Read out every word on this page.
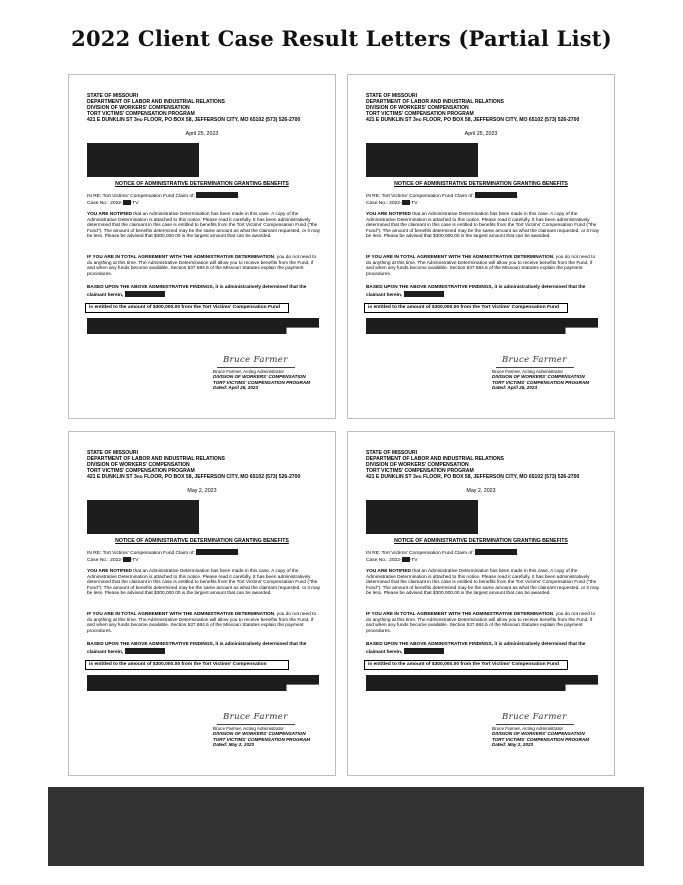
2022 Client Case Result Letters (Partial List)
STATE OF MISSOURI
DEPARTMENT OF LABOR AND INDUSTRIAL RELATIONS
DIVISION OF WORKERS' COMPENSATION
TORT VICTIMS' COMPENSATION PROGRAM
421 E DUNKLIN ST 3RD FLOOR, PO BOX 58, JEFFERSON CITY, MO 65102 (573) 526-2700
April 25, 2023
NOTICE OF ADMINISTRATIVE DETERMINATION GRANTING BENEFITS
IN RE: Tort Victims' Compensation Fund Claim of:	.
Case No.: 2022- -TV
YOU ARE NOTIFIED that an Administrative Determination has been made in this case. A copy of the Administrative Determination is attached to this notice. Please read it carefully. It has been administratively determined that the claimant in this case is entitled to benefits from the Tort Victims' Compensation Fund ("the Fund"). The amount of benefits determined may be the same amount as what the claimant requested, or it may be less. Please be advised that $300,000.00 is the largest amount that can be awarded.
IF YOU ARE IN TOTAL AGREEMENT WITH THE ADMINISTRATIVE DETERMINATION, you do not need to do anything at this time. The Administrative Determination will allow you to receive benefits from the Fund, if and when any funds become available. Section 537.684.6 of the Missouri Statutes explain the payment procedures.
BASED UPON THE ABOVE ADMINISTRATIVE FINDINGS, it is administratively determined that the claimant herein,
is entitled to the amount of $300,000.00 from the Tort Victims' Compensation Fund
Bruce Farmer
Bruce Farmer, Acting Administrator
DIVISION OF WORKERS' COMPENSATION
TORT VICTIMS' COMPENSATION PROGRAM
Dated: April 25, 2023
STATE OF MISSOURI
DEPARTMENT OF LABOR AND INDUSTRIAL RELATIONS
DIVISION OF WORKERS' COMPENSATION
TORT VICTIMS' COMPENSATION PROGRAM
421 E DUNKLIN ST 3RD FLOOR, PO BOX 58, JEFFERSON CITY, MO 65102 (573) 526-2700
April 25, 2023
NOTICE OF ADMINISTRATIVE DETERMINATION GRANTING BENEFITS
IN RE: Tort Victims' Compensation Fund Claim of:	.
Case No.: 2022- -TV
YOU ARE NOTIFIED that an Administrative Determination has been made in this case. A copy of the Administrative Determination is attached to this notice. Please read it carefully. It has been administratively determined that the claimant in this case is entitled to benefits from the Tort Victims' Compensation Fund ("the Fund"). The amount of benefits determined may be the same amount as what the claimant requested, or it may be less. Please be advised that $300,000.00 is the largest amount that can be awarded.
IF YOU ARE IN TOTAL AGREEMENT WITH THE ADMINISTRATIVE DETERMINATION, you do not need to do anything at this time. The Administrative Determination will allow you to receive benefits from the Fund, if and when any funds become available. Section 537.684.6 of the Missouri Statutes explain the payment procedures.
BASED UPON THE ABOVE ADMINISTRATIVE FINDINGS, it is administratively determined that the claimant herein,
is entitled to the amount of $300,000.00 from the Tort Victims' Compensation Fund
Bruce Farmer
Bruce Farmer, Acting Administrator
DIVISION OF WORKERS' COMPENSATION
TORT VICTIMS' COMPENSATION PROGRAM
Dated: April 25, 2023
STATE OF MISSOURI
DEPARTMENT OF LABOR AND INDUSTRIAL RELATIONS
DIVISION OF WORKERS' COMPENSATION
TORT VICTIMS' COMPENSATION PROGRAM
421 E DUNKLIN ST 3RD FLOOR, PO BOX 58, JEFFERSON CITY, MO 65102 (573) 526-2700
May 2, 2023
NOTICE OF ADMINISTRATIVE DETERMINATION GRANTING BENEFITS
IN RE: Tort Victims' Compensation Fund Claim of:	.
Case No.: 2022- -TV
YOU ARE NOTIFIED that an Administrative Determination has been made in this case. A copy of the Administrative Determination is attached to this notice. Please read it carefully. It has been administratively determined that the claimant in this case is entitled to benefits from the Tort Victims' Compensation Fund ("the Fund"). The amount of benefits determined may be the same amount as what the claimant requested, or it may be less. Please be advised that $300,000.00 is the largest amount that can be awarded.
IF YOU ARE IN TOTAL AGREEMENT WITH THE ADMINISTRATIVE DETERMINATION, you do not need to do anything at this time. The Administrative Determination will allow you to receive benefits from the Fund, if and when any funds become available. Section 537.684.6 of the Missouri Statutes explain the payment procedures.
BASED UPON THE ABOVE ADMINISTRATIVE FINDINGS, it is administratively determined that the claimant herein,
is entitled to the amount of $300,000.00 from the Tort Victims' Compensation
Bruce Farmer
Bruce Farmer, Acting Administrator
DIVISION OF WORKERS' COMPENSATION
TORT VICTIMS' COMPENSATION PROGRAM
Dated: May 2, 2023
STATE OF MISSOURI
DEPARTMENT OF LABOR AND INDUSTRIAL RELATIONS
DIVISION OF WORKERS' COMPENSATION
TORT VICTIMS' COMPENSATION PROGRAM
421 E DUNKLIN ST 3RD FLOOR, PO BOX 58, JEFFERSON CITY, MO 65102 (573) 526-2700
May 2, 2023
NOTICE OF ADMINISTRATIVE DETERMINATION GRANTING BENEFITS
IN RE: Tort Victims' Compensation Fund Claim of:	.
Case No.: 2022- -TV
YOU ARE NOTIFIED that an Administrative Determination has been made in this case. A copy of the Administrative Determination is attached to this notice. Please read it carefully. It has been administratively determined that the claimant in this case is entitled to benefits from the Tort Victims' Compensation Fund ("the Fund"). The amount of benefits determined may be the same amount as what the claimant requested, or it may be less. Please be advised that $300,000.00 is the largest amount that can be awarded.
IF YOU ARE IN TOTAL AGREEMENT WITH THE ADMINISTRATIVE DETERMINATION, you do not need to do anything at this time. The Administrative Determination will allow you to receive benefits from the Fund, if and when any funds become available. Section 537.684.6 of the Missouri Statutes explain the payment procedures.
BASED UPON THE ABOVE ADMINISTRATIVE FINDINGS, it is administratively determined that the claimant herein,
is entitled to the amount of $300,000.00 from the Tort Victims' Compensation Fund
Bruce Farmer
Bruce Farmer, Acting Administrator
DIVISION OF WORKERS' COMPENSATION
TORT VICTIMS' COMPENSATION PROGRAM
Dated: May 2, 2023
